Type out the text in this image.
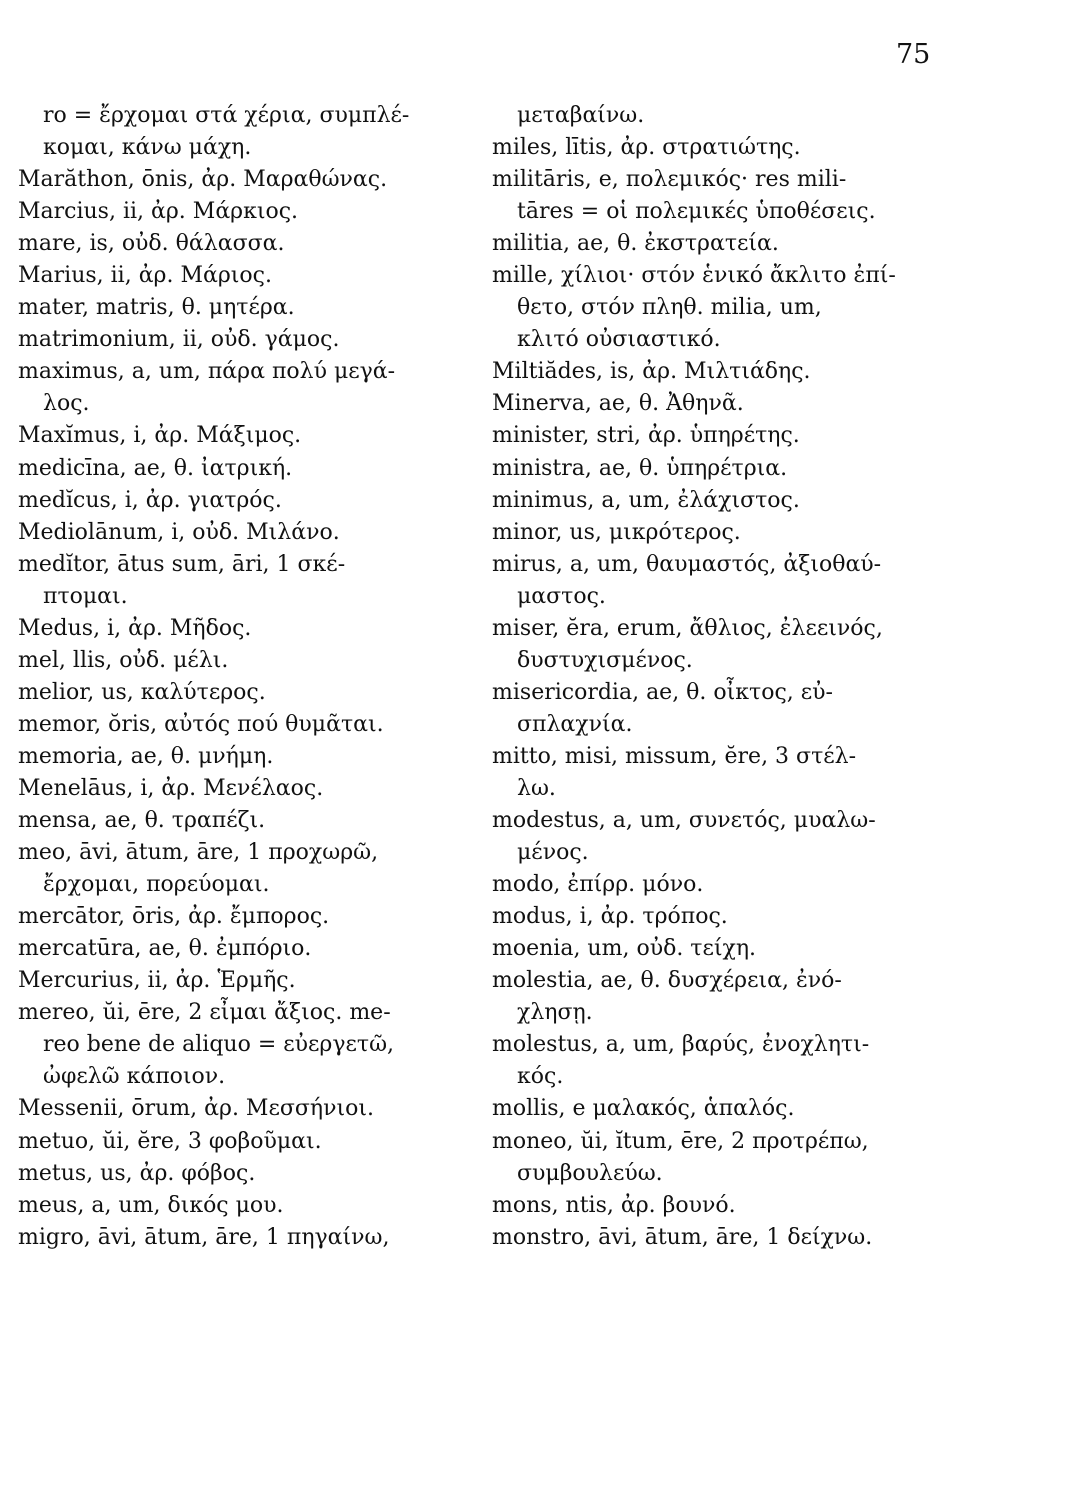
75
ro = ἔρχομαι στά χέρια, συμπλέ-
κομαι, κάνω μάχη.
Marăthon, ōnis, ἀρ. Μαραθώνας.
Marcius, ii, ἀρ. Μάρκιος.
mare, is, οὐδ. θάλασσα.
Marius, ii, ἀρ. Μάριος.
mater, matris, θ. μητέρα.
matrimonium, ii, οὐδ. γάμος.
maximus, a, um, πάρα πολύ μεγά-
λος.
Maxĭmus, i, ἀρ. Μάξιμος.
medicīna, ae, θ. ἰατρική.
medĭcus, i, ἀρ. γιατρός.
Mediolānum, i, οὐδ. Μιλάνο.
medĭtor, ātus sum, āri, 1 σκέ-
πτομαι.
Medus, i, ἀρ. Μῆδος.
mel, llis, οὐδ. μέλι.
melior, us, καλύτερος.
memor, ŏris, αὐτός πού θυμᾶται.
memoria, ae, θ. μνήμη.
Menelāus, i, ἀρ. Μενέλαος.
mensa, ae, θ. τραπέζι.
meo, āvi, ātum, āre, 1 προχωρῶ,
ἔρχομαι, πορεύομαι.
mercātor, ōris, ἀρ. ἔμπορος.
mercatūra, ae, θ. ἐμπόριο.
Mercurius, ii, ἀρ. Ἑρμῆς.
mereo, ŭi, ēre, 2 εἶμαι ἄξιος. me-
reo bene de aliquo = εὐεργετῶ,
ὠφελῶ κάποιον.
Messenii, ōrum, ἀρ. Μεσσήνιοι.
metuo, ŭi, ĕre, 3 φοβοῦμαι.
metus, us, ἀρ. φόβος.
meus, a, um, δικός μου.
migro, āvi, ātum, āre, 1 πηγαίνω,
μεταβαίνω.
miles, lītis, ἀρ. στρατιώτης.
militāris, e, πολεμικός· res mili-
tāres = οἱ πολεμικές ὑποθέσεις.
militia, ae, θ. ἐκστρατεία.
mille, χίλιοι· στόν ἑνικό ἄκλιτο ἐπί-
θετο, στόν πληθ. milia, um,
κλιτό οὐσιαστικό.
Miltiădes, is, ἀρ. Μιλτιάδης.
Minerva, ae, θ. Ἀθηνᾶ.
minister, stri, ἀρ. ὑπηρέτης.
ministra, ae, θ. ὑπηρέτρια.
minimus, a, um, ἐλάχιστος.
minor, us, μικρότερος.
mirus, a, um, θαυμαστός, ἀξιοθαύ-
μαστος.
miser, ĕra, erum, ἄθλιος, ἐλεεινός,
δυστυχισμένος.
misericordia, ae, θ. οἶκτος, εὐ-
σπλαχνία.
mitto, misi, missum, ĕre, 3 στέλ-
λω.
modestus, a, um, συνετός, μυαλω-
μένος.
modo, ἐπίρρ. μόνο.
modus, i, ἀρ. τρόπος.
moenia, um, οὐδ. τείχη.
molestia, ae, θ. δυσχέρεια, ἐνό-
χλησῃ.
molestus, a, um, βαρύς, ἐνοχλητι-
κός.
mollis, e μαλακός, ἁπαλός.
moneo, ŭi, ĭtum, ēre, 2 προτρέπω,
συμβουλεύω.
mons, ntis, ἀρ. βουνό.
monstro, āvi, ātum, āre, 1 δείχνω.
